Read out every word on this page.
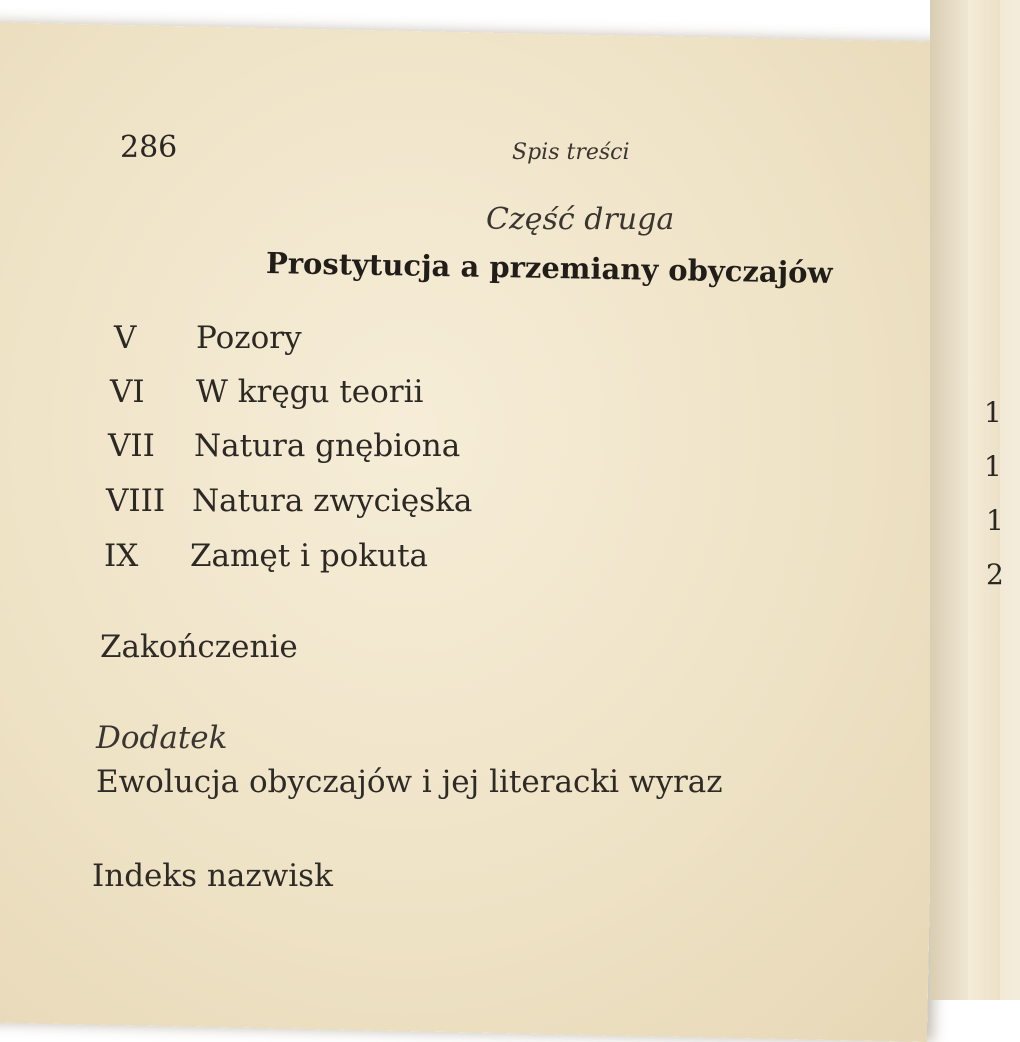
286	Spis treści
Część druga
Prostytucja a przemiany obyczajów
V Pozory
VI W kręgu teorii
VII Natura gnębiona
VIII Natura zwycięska
IX Zamęt i pokuta
Zakończenie
Dodatek
Ewolucja obyczajów i jej literacki wyraz
Indeks nazwisk
1
1
1
2
